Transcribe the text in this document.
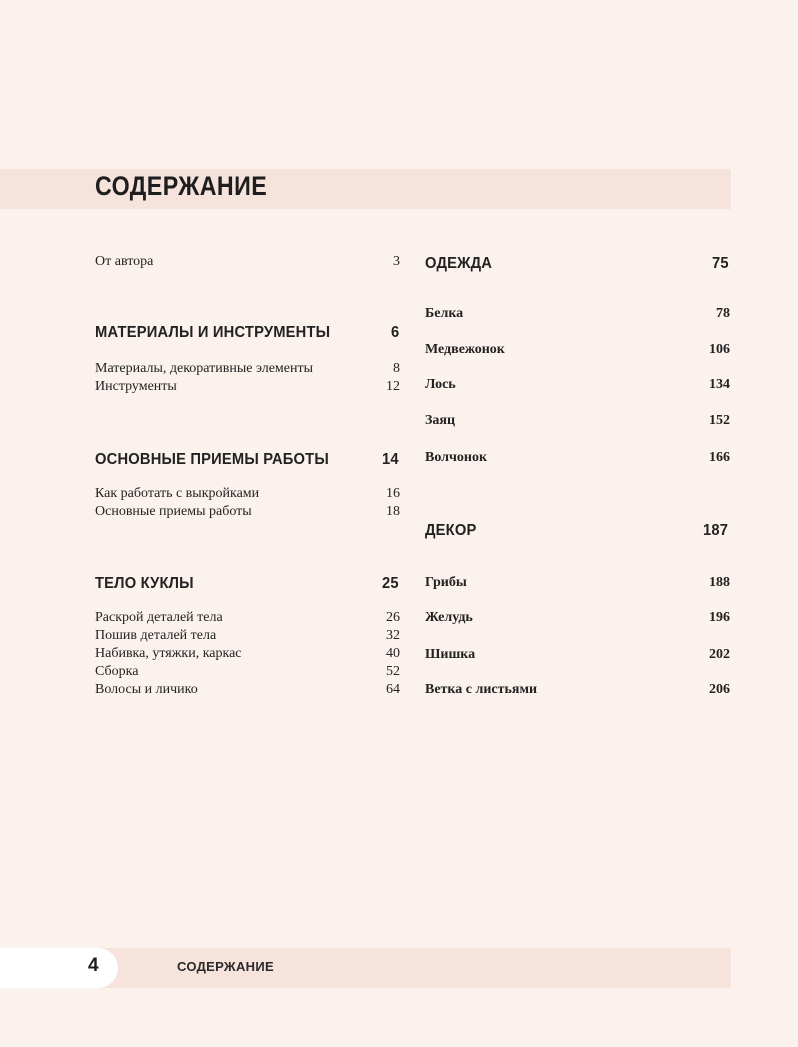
СОДЕРЖАНИЕ
От автора	3
МАТЕРИАЛЫ И ИНСТРУМЕНТЫ	6
Материалы, декоративные элементы	8
Инструменты	12
ОСНОВНЫЕ ПРИЕМЫ РАБОТЫ	14
Как работать с выкройками	16
Основные приемы работы	18
ТЕЛО КУКЛЫ	25
Раскрой деталей тела	26
Пошив деталей тела	32
Набивка, утяжки, каркас	40
Сборка	52
Волосы и личико	64
ОДЕЖДА	75
Белка	78
Медвежонок	106
Лось	134
Заяц	152
Волчонок	166
ДЕКОР	187
Грибы	188
Желудь	196
Шишка	202
Ветка с листьями	206
4	СОДЕРЖАНИЕ
